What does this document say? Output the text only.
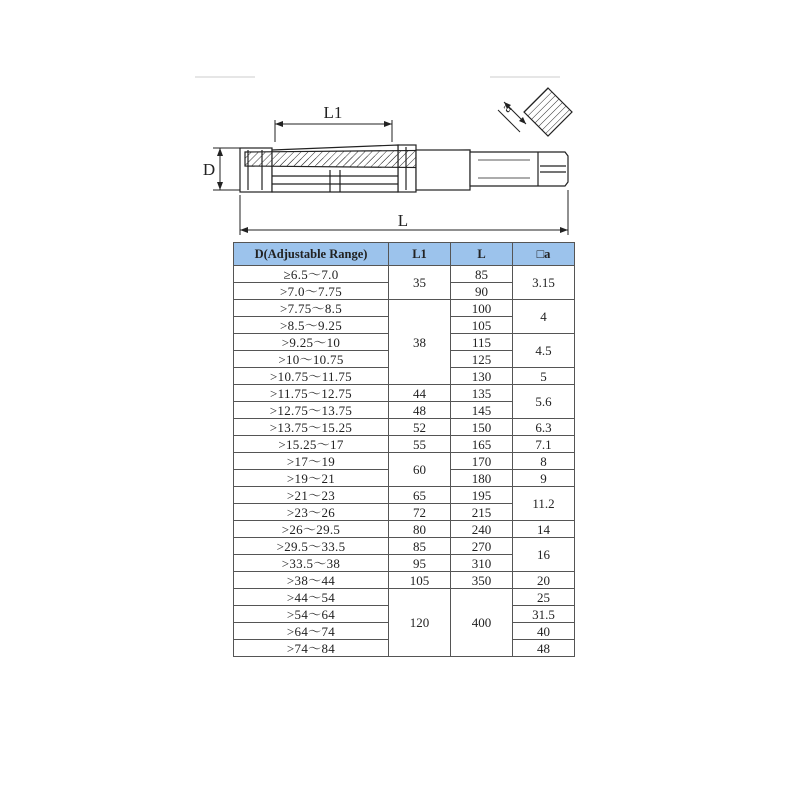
L1
D
L
a
D(Adjustable Range)	L1	L	□a
≥6.5～7.0	35	85	3.15
>7.0～7.75		90	
>7.75～8.5	38	100	4
>8.5～9.25		105	
>9.25～10		115	4.5
>10～10.75		125	
>10.75～11.75		130	5
>11.75～12.75	44	135	5.6
>12.75～13.75	48	145	
>13.75～15.25	52	150	6.3
>15.25～17	55	165	7.1
>17～19	60	170	8
>19～21		180	9
>21～23	65	195	11.2
>23～26	72	215	
>26～29.5	80	240	14
>29.5～33.5	85	270	16
>33.5～38	95	310	
>38～44	105	350	20
>44～54	120	400	25
>54～64			31.5
>64～74			40
>74～84			48
